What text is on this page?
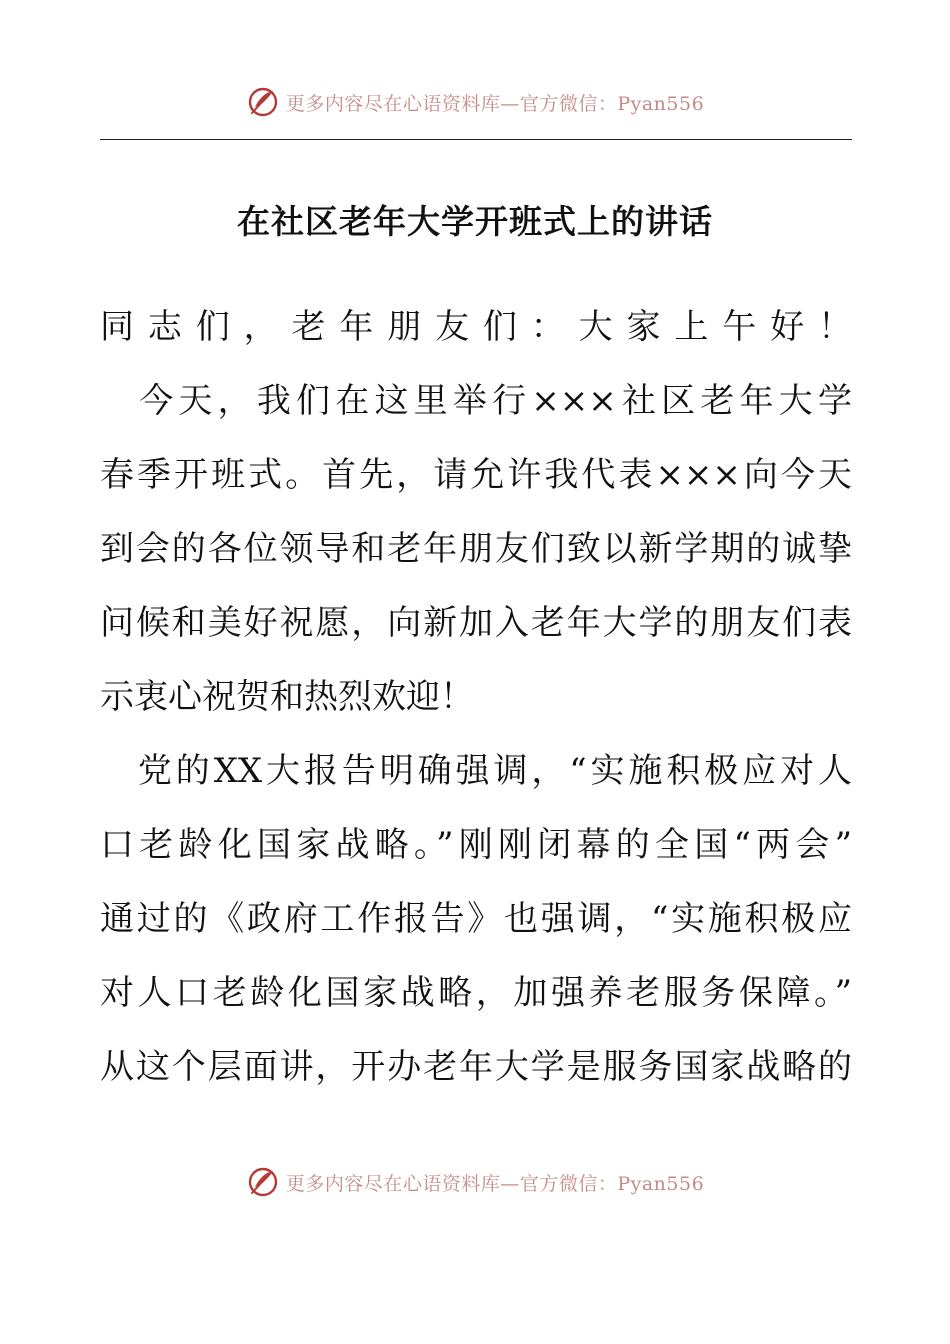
更多内容尽在心语资料库—官方微信：Pyan556
在社区老年大学开班式上的讲话
同志们，老年朋友们：大家上午好！
　今天，我们在这里举行×××社区老年大学
春季开班式。首先，请允许我代表×××向今天
到会的各位领导和老年朋友们致以新学期的诚挚
问候和美好祝愿，向新加入老年大学的朋友们表
示衷心祝贺和热烈欢迎！
　党的XX大报告明确强调，“实施积极应对人
口老龄化国家战略。”刚刚闭幕的全国“两会”
通过的《政府工作报告》也强调，“实施积极应
对人口老龄化国家战略，加强养老服务保障。”
从这个层面讲，开办老年大学是服务国家战略的
更多内容尽在心语资料库—官方微信：Pyan556
